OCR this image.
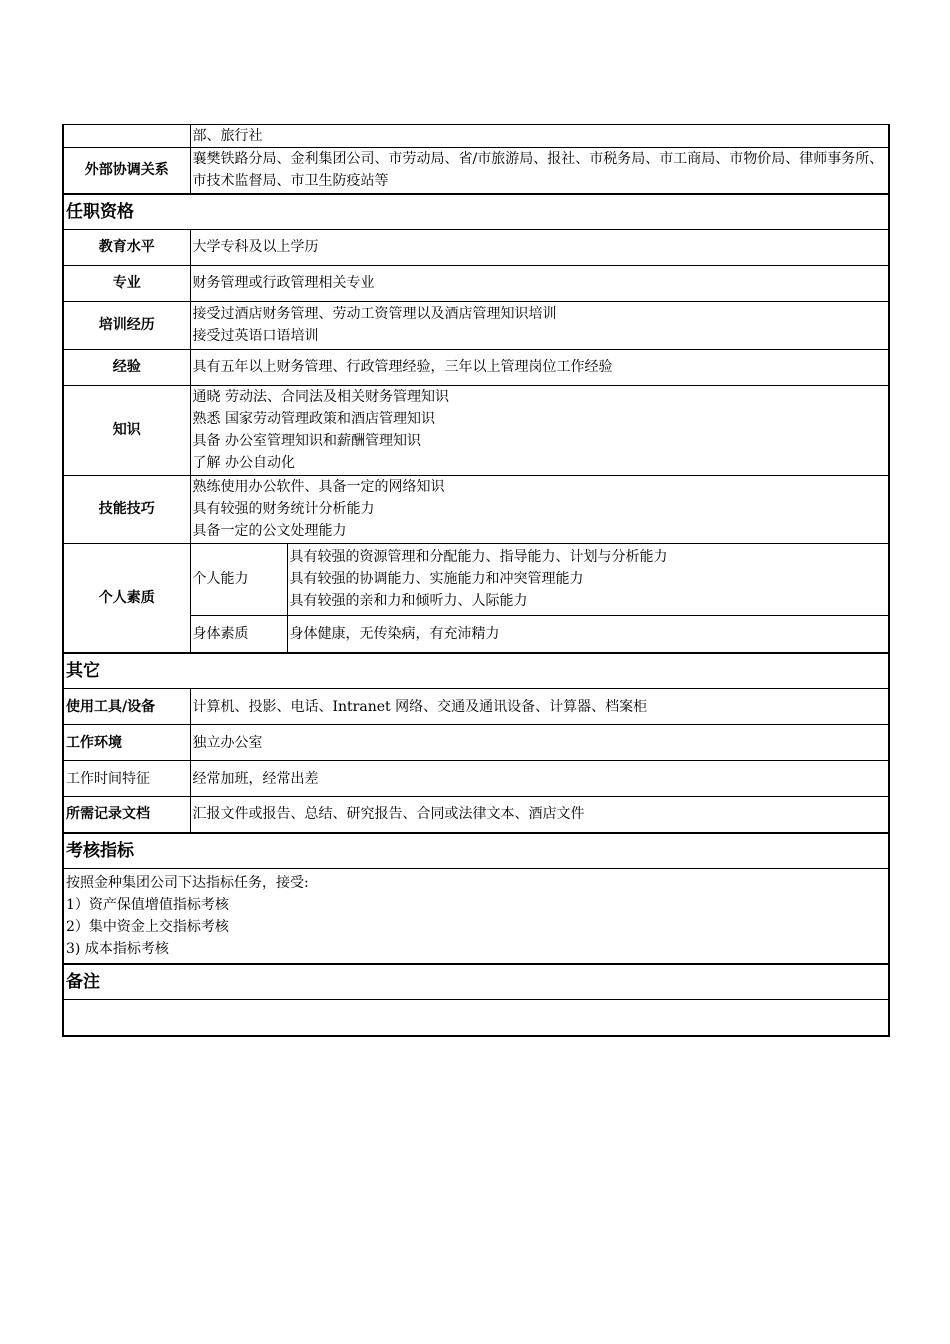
	部、旅行社	
外部协调关系	襄樊铁路分局、金利集团公司、市劳动局、省/市旅游局、报社、市税务局、市工商局、市物价局、律师事务所、市技术监督局、市卫生防疫站等	
任职资格		
教育水平	大学专科及以上学历	
专业	财务管理或行政管理相关专业	
培训经历	接受过酒店财务管理、劳动工资管理以及酒店管理知识培训
接受过英语口语培训	

经验	具有五年以上财务管理、行政管理经验，三年以上管理岗位工作经验	
知识	通晓 劳动法、合同法及相关财务管理知识
熟悉 国家劳动管理政策和酒店管理知识
具备 办公室管理知识和薪酬管理知识
了解 办公自动化	

技能技巧	熟练使用办公软件、具备一定的网络知识
具有较强的财务统计分析能力
具备一定的公文处理能力	

个人素质	个人能力	具有较强的资源管理和分配能力、指导能力、计划与分析能力
具有较强的协调能力、实施能力和冲突管理能力
具有较强的亲和力和倾听力、人际能力

	身体素质	身体健康，无传染病，有充沛精力
其它		
使用工具/设备	计算机、投影、电话、Intranet 网络、交通及通讯设备、计算器、档案柜	
工作环境	独立办公室	
工作时间特征	经常加班，经常出差	
所需记录文档	汇报文件或报告、总结、研究报告、合同或法律文本、酒店文件	
考核指标		

按照金种集团公司下达指标任务，接受:
1）资产保值增值指标考核
2）集中资金上交指标考核
3) 成本指标考核		

备注		
